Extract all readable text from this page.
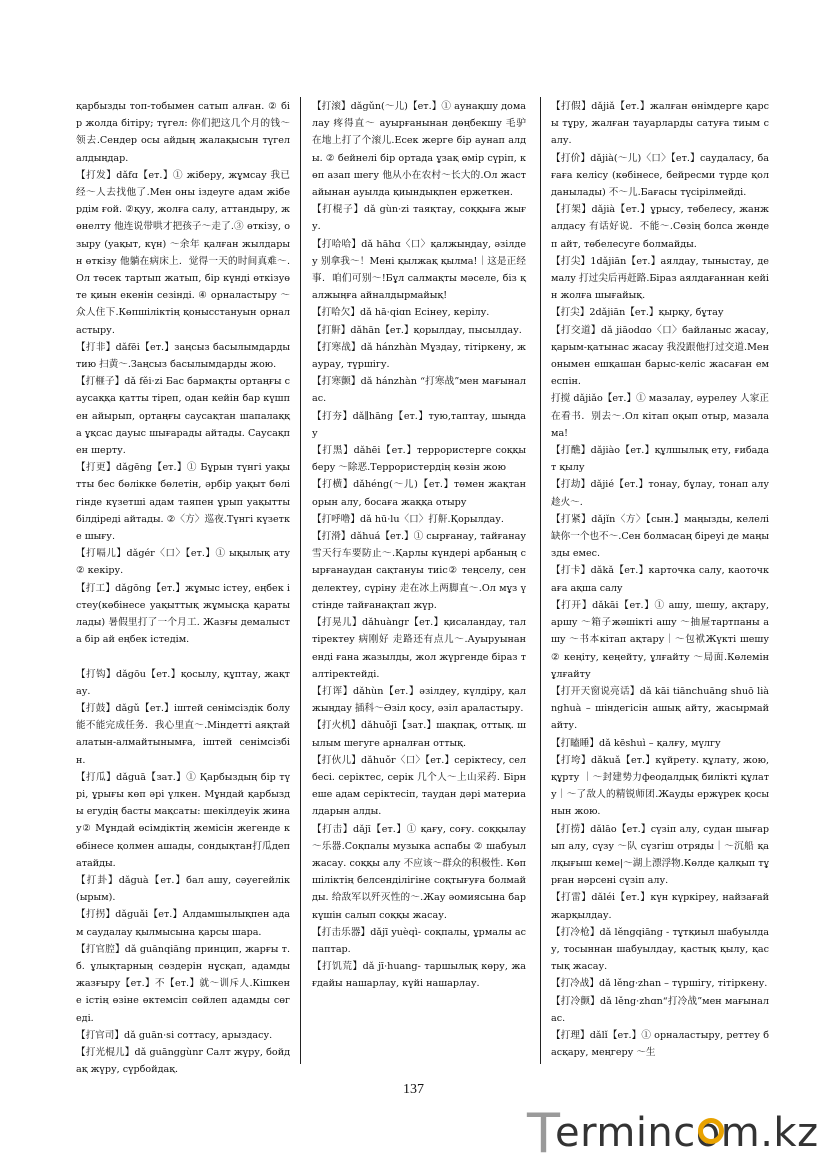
қарбызды топ-тобымен сатып алған. ② бір жолда бітіру; түгел: 你们把这几个月的钱～领去.Сендер осы айдың жалақысын түгелалдыңдар.

【打发】dǎfɑ【ет.】① жіберу, жұмсау 我已经～人去找他了.Мен оны іздеуге адам жібердім ғой. ②қуу, жолға салу, аттандыру, жөнелту 他连说带哄才把孩子～走了.③ өткізу, озыру (уақыт, күн) ～余年 қалған жылдарын өткізу 他躺在病床上．觉得一天的时间真难～.Ол төсек тартып жатып, бір күнді өткізуөте қиын екенін сезінді. ④ орналастыру ～众人住下.Көпшіліктің қонысстануын орналастыру.

【打非】dǎfēi【ет.】заңсыз басылымдарды тию 扫黄～.Заңсыз басылымдарды жою.

【打榧子】dǎ fěi·zi Бас бармақты ортаңғы саусаққа қатты тіреп, одан кейін бар күшпен айырып, ортаңғы саусақтан шапалаққа ұқсас дауыс шығарады айтады. Саусақпен шерту.

【打更】dǎgēng【ет.】① Бұрын түнгі уақытты бес бөлікке бөлетін, әрбір уақыт бөлігінде күзетші адам таяпен ұрып уақытты білдіреді айтады. ②〈方〉巡夜.Түнгі күзетке шығу.

【打嗝儿】dǎgér〈口〉【ет.】① ықылық ату ② кекіру.

【打工】dǎgōng【ет.】жұмыс істеу, еңбек істеу(көбінесе уақыттық жұмысқа қаратылады) 暑假里打了一个月工. Жазғы демалыста бір ай еңбек істедім.

【打钩】dǎgōu【ет.】қосылу, құптау, жақтау.

【打鼓】dǎgǔ【ет.】іштей сенімсіздік болу 能不能完成任务．我心里直～.Міндетті аяқтай алатын-алмайтынымға, іштей сенімсізбін.

【打瓜】dǎguā【зат.】① Қарбыздың бір түрі, ұрығы көп әрі үлкен. Мұндай қарбызды егудің басты мақсаты: шекілдеуік жинау② Мұндай өсімдіктің жемісін жегенде көбінесе қолмен ашады, сондықтан打瓜деп атайды.

【打卦】dǎguà【ет.】бал ашу, сәуегейлік (ырым).

【打拐】dǎguǎi【ет.】Алдамшылықпен адам саудалау қылмысына қарсы шара.

【打官腔】dǎ guānqiāng принцип, жарғы т.б. ұлықтарның сөздерін нұсқап, адамды жазғыру【ет.】不【ет.】就～训斥人.Кішкене істің өзіне өктемсіп сөйлеп адамды сөгеді.

【打官司】dǎ guān·si соттасу, арыздасу.

【打光棍儿】dǎ guānggùnr Салт жүру, бойдақ жүру, сүрбойдақ.

【打滚】dǎgǔn(～儿)【ет.】① аунақшу домалау 疼得直～ ауырғанынан дөңбекшу 毛驴在地上打了个滚儿.Есек жерге бір аунап алды. ② бейнелі бір ортада ұзақ өмір сүріп, көп азап шегу 他从小在农村～长大的.Ол жастайынан ауылда қиындықпен ержеткен.

【打棍子】dǎ gùn·zi таяқтау, соққыға жығу.

【打哈哈】dǎ hāhɑ〈口〉қалжыңдау, әзілдеу 别拿我～！Мені қылжақ қылма!｜这是正经事．咱们可别～!Бұл салмақты мәселе, біз қалжыңға айналдырмайық!

【打哈欠】dǎ hā·qiɑn Есінеу, керілу.

【打鼾】dǎhān【ет.】қорылдау, пысылдау.

【打寒战】dǎ hánzhàn Мұздау, тітіркену, жаурау, түршігу.

【打寒颤】dǎ hánzhàn “打寒战”мен мағыналас.

【打夯】dǎ∥hāng【ет.】тую,таптау, шыңдау

【打黑】dǎhēi【ет.】террористерге соққы беру ～除恶.Террористердің көзін жою

【打横】dǎhéng(～儿)【ет.】төмен жақтан орын алу, босаға жаққа отыру

【打呼噜】dǎ hū·lu〈口〉打鼾.Қорылдау.

【打滑】dǎhuá【ет.】① сырғанау, тайғанау 雪天行车要防止～.Қарлы күндері арбаның сырғанаудан сақтануы тиіс② теңселу, сенделектеу, сүріну 走在冰上两脚直～.Ол мұз үстінде тайғанақтап жүр.

【打晃儿】dǎhuàngr【ет.】қисаландау, талтіректеу 病刚好 走路还有点儿～.Ауыруынан енді ғана жазылды, жол жүргенде біраз талтіректейді.

【打诨】dǎhùn【ет.】әзілдеу, күлдіру, қалжыңдау 插科～Әзіл қосу, әзіл араластыру.

【打火机】dǎhuǒjī【зат.】шақпақ, оттық. шылым шегуге арналған оттық.

【打伙儿】dǎhuǒr〈口〉【ет.】серіктесу, селбесі. серіктес, серік 几个人～上山采药. Бірнеше адам серіктесіп, таудан дәрі материалдарын алды.

【打击】dǎjī【ет.】① қағу, соғу. соққылау ～乐器.Соқпалы музыка аспабы ② шабуыл жасау. соққы алу 不应该～群众的积极性. Көпшіліктің белсенділігіне соқтығуға болмайды. 给敌军以歼灭性的～.Жау әомиясына бар күшін салып соққы жасау.

【打击乐器】dǎjī yuèqì- соқпалы, ұрмалы аспаптар.

【打饥荒】dǎ jī·huang- таршылық көру, жағдайы нашарлау, күйі нашарлау.

【打假】dǎjiǎ【ет.】жалған өнімдерге қарсы тұру, жалған тауарларды сатуға тиым салу.

【打价】dǎjià(～儿)〈口〉【ет.】саудаласу, бағаға келісу (көбінесе, бейресми түрде қолданылады) 不～儿.Бағасы түсірілмейді.

【打架】dǎjià【ет.】ұрысу, төбелесу, жанжалдасу 有话好说．不能～.Сөзің болса жөндеп айт, төбелесуге болмайды.

【打尖】1dǎjiān【ет.】аялдау, тыныстау, демалу 打过尖后再赶路.Біраз аялдағаннан кейін жолға шығайық.

【打尖】2dǎjiān【ет.】қырқу, бұтау

【打交道】dǎ jiāodɑo〈口〉байланыс жасау, қарым-қатынас жасау 我没跟他打过交道.Мен онымен ешқашан барыс-келіс жасаған емеспін.

打搅 dǎjiǎo【ет.】① мазалау, әурелеу 人家正在看书．别去～.Ол кітап оқып отыр, мазалама!

【打醮】dǎjiào【ет.】құлшылық ету, ғибадат қылу

【打劫】dǎjié【ет.】тонау, бұлау, тонап алу 趁火～.

【打紧】dǎjǐn〈方〉【сын.】маңызды, келелі 缺你一个也不～.Сен болмасаң біреуі де маңызды емес.

【打卡】dǎkǎ【ет.】карточка салу, каоточкаға ақша салу

【打开】dǎkāi【ет.】① ашу, шешу, ақтару, аршу ～箱子жәшікті ашу ～抽屉тартпаны ашу ～书本кітап ақтару｜～包袱Жүкті шешу② кеңіту, кеңейту, ұлғайту ～局面.Көлемін ұлғайту

【打开天窗说亮话】dǎ kāi tiānchuāng shuō liànghuà – шіндегісін ашық айту, жасырмай айту.

【打瞌睡】dǎ kēshuì – қалғу, мүлгу

【打垮】dǎkuǎ【ет.】күйрету. құлату, жою, құрту ｜～封建势力феодалдық билікті құлату｜～了敌人的精锐师团.Жауды ержүрек қосынын жою.

【打捞】dǎlāo【ет.】сүзіп алу, судан шығарып алу, сүзу ～队 сүзгіш отряды｜～沉船 қалқығыш кеме|～湖上漂浮物.Көлде қалқып тұрған нәрсені сүзіп алу.

【打雷】dǎléi【ет.】күн күркіреу, найзағай жарқылдау.

【打冷枪】dǎ lěngqiāng - тұтқиыл шабуылдау, тосыннан шабуылдау, қастық қылу, қастық жасау.

【打冷战】dǎ lěng·zhan – түршігу, тітіркену.

【打冷颤】dǎ lěng·zhɑn“打冷战”мен мағыналас.

【打理】dǎlǐ【ет.】① орналастыру, реттеу басқару, меңгеру ～生

137
T
ermincom.kz
